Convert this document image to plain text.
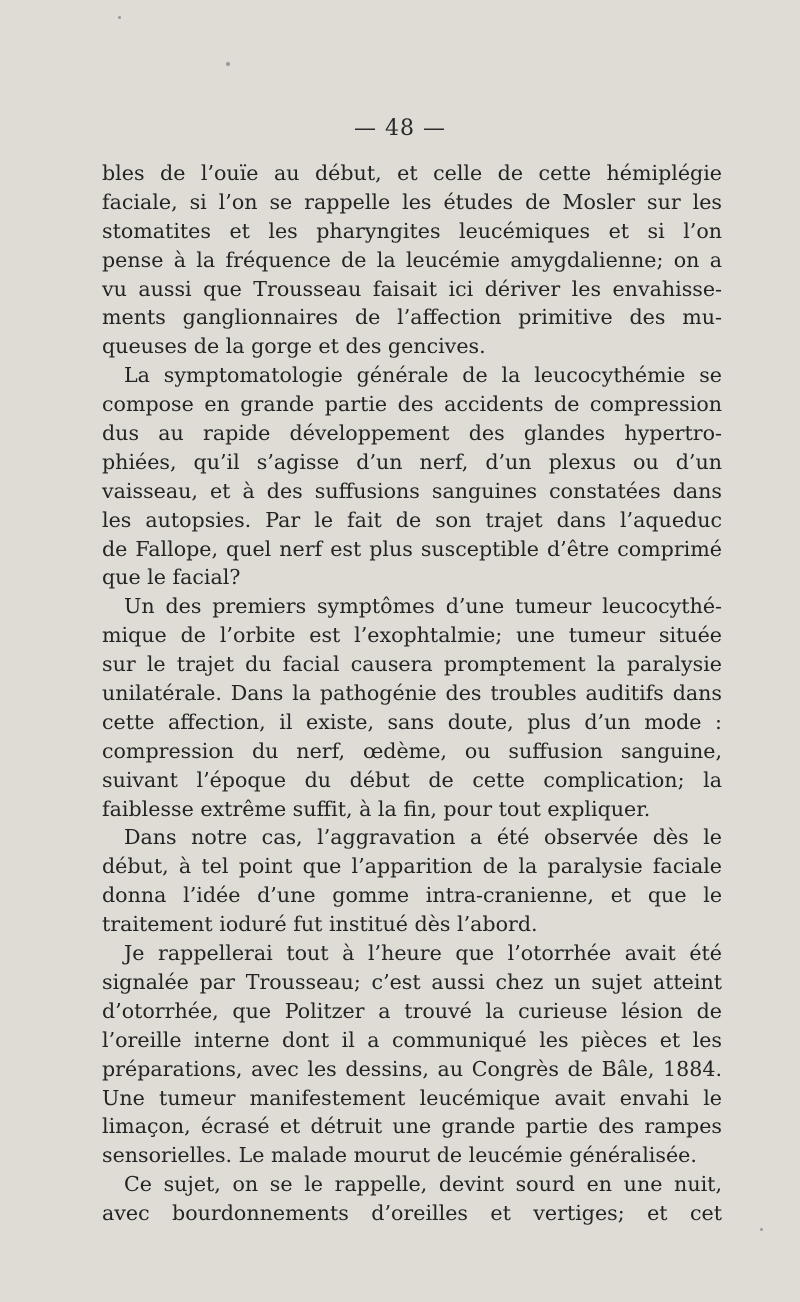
— 48 —
bles de l’ouïe au début, et celle de cette hémiplégie
faciale, si l’on se rappelle les études de Mosler sur les
stomatites et les pharyngites leucémiques et si l’on
pense à la fréquence de la leucémie amygdalienne; on a
vu aussi que Trousseau faisait ici dériver les envahisse-
ments ganglionnaires de l’affection primitive des mu-
queuses de la gorge et des gencives.
La symptomatologie générale de la leucocythémie se
compose en grande partie des accidents de compression
dus au rapide développement des glandes hypertro-
phiées, qu’il s’agisse d’un nerf, d’un plexus ou d’un
vaisseau, et à des suffusions sanguines constatées dans
les autopsies. Par le fait de son trajet dans l’aqueduc
de Fallope, quel nerf est plus susceptible d’être comprimé
que le facial?
Un des premiers symptômes d’une tumeur leucocythé-
mique de l’orbite est l’exophtalmie; une tumeur située
sur le trajet du facial causera promptement la paralysie
unilatérale. Dans la pathogénie des troubles auditifs dans
cette affection, il existe, sans doute, plus d’un mode :
compression du nerf, œdème, ou suffusion sanguine,
suivant l’époque du début de cette complication; la
faiblesse extrême suffit, à la fin, pour tout expliquer.
Dans notre cas, l’aggravation a été observée dès le
début, à tel point que l’apparition de la paralysie faciale
donna l’idée d’une gomme intra-cranienne, et que le
traitement ioduré fut institué dès l’abord.
Je rappellerai tout à l’heure que l’otorrhée avait été
signalée par Trousseau; c’est aussi chez un sujet atteint
d’otorrhée, que Politzer a trouvé la curieuse lésion de
l’oreille interne dont il a communiqué les pièces et les
préparations, avec les dessins, au Congrès de Bâle, 1884.
Une tumeur manifestement leucémique avait envahi le
limaçon, écrasé et détruit une grande partie des rampes
sensorielles. Le malade mourut de leucémie généralisée.
Ce sujet, on se le rappelle, devint sourd en une nuit,
avec bourdonnements d’oreilles et vertiges; et cet
